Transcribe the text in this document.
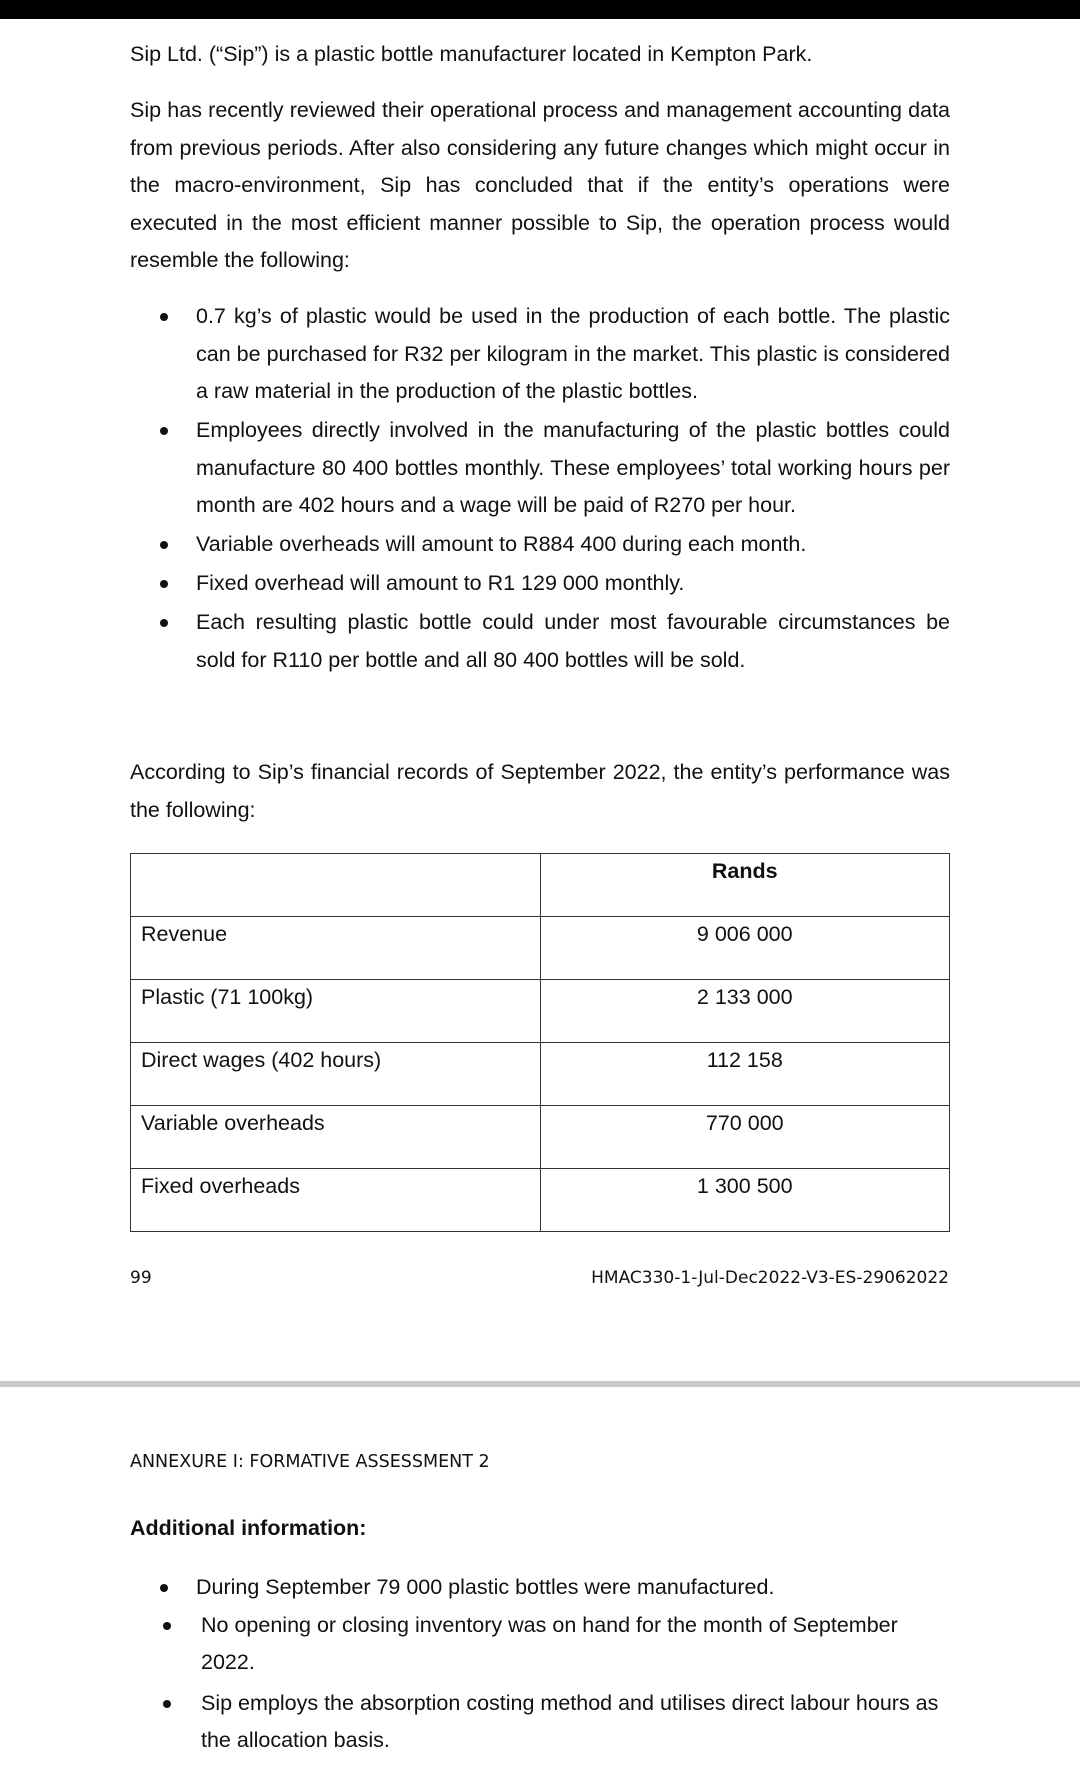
Sip Ltd. (“Sip”) is a plastic bottle manufacturer located in Kempton Park.

Sip has recently reviewed their operational process and management accounting data from previous periods. After also considering any future changes which might occur in the macro-environment, Sip has concluded that if the entity’s operations were executed in the most efficient manner possible to Sip, the operation process would resemble the following:

0.7 kg’s of plastic would be used in the production of each bottle. The plastic can be purchased for R32 per kilogram in the market. This plastic is considered a raw material in the production of the plastic bottles.
Employees directly involved in the manufacturing of the plastic bottles could manufacture 80 400 bottles monthly. These employees’ total working hours per month are 402 hours and a wage will be paid of R270 per hour.
Variable overheads will amount to R884 400 during each month.
Fixed overhead will amount to R1 129 000 monthly.
Each resulting plastic bottle could under most favourable circumstances be sold for R110 per bottle and all 80 400 bottles will be sold.

According to Sip’s financial records of September 2022, the entity’s performance was the following:

	Rands
Revenue	9 006 000
Plastic (71 100kg)	2 133 000
Direct wages (402 hours)	112 158
Variable overheads	770 000
Fixed overheads	1 300 500
99	HMAC330-1-Jul-Dec2022-V3-ES-29062022
ANNEXURE I: FORMATIVE ASSESSMENT 2
Additional information:
During September 79 000 plastic bottles were manufactured.
No opening or closing inventory was on hand for the month of September 2022.
Sip employs the absorption costing method and utilises direct labour hours as the allocation basis.
